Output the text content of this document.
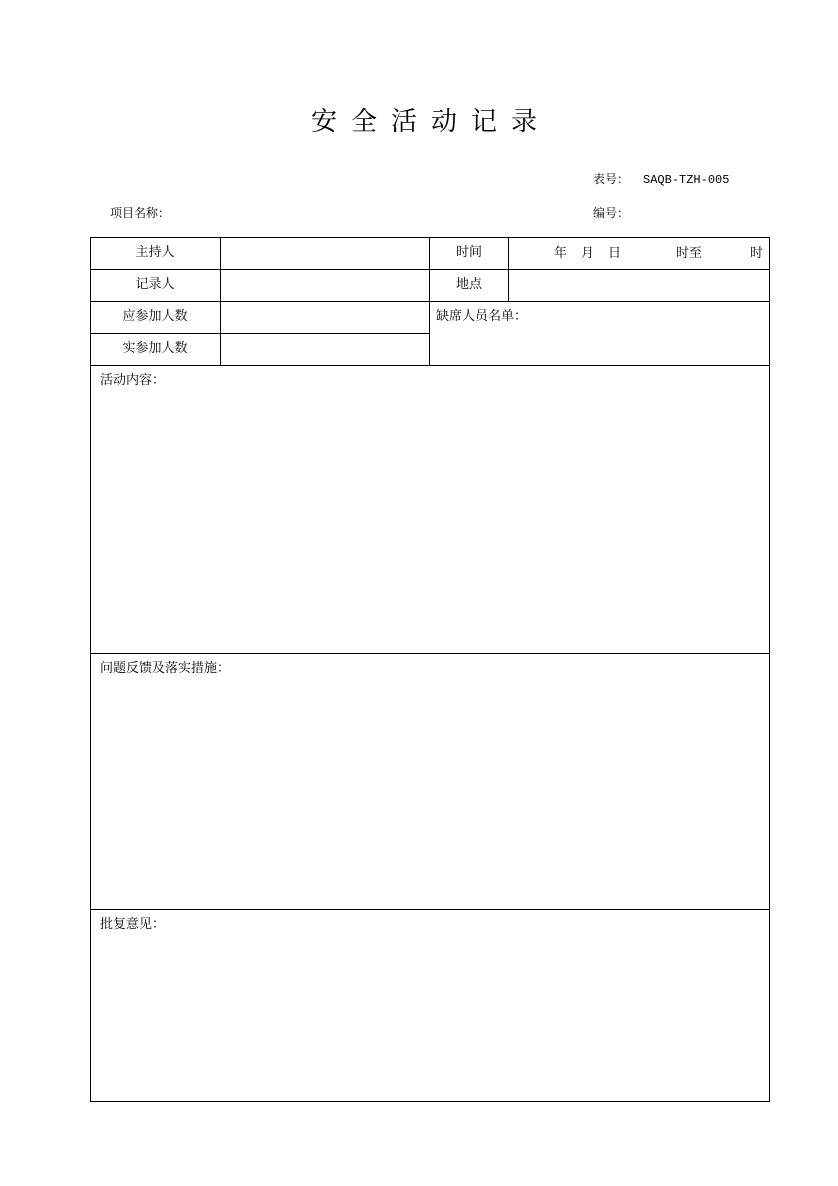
安全活动记录
表号： SAQB-TZH-005
项目名称：	编号：
主持人	时间	年 月 日	时至	时
记录人	地点
应参加人数	缺席人员名单：
实参加人数
活动内容：
问题反馈及落实措施：
批复意见：
